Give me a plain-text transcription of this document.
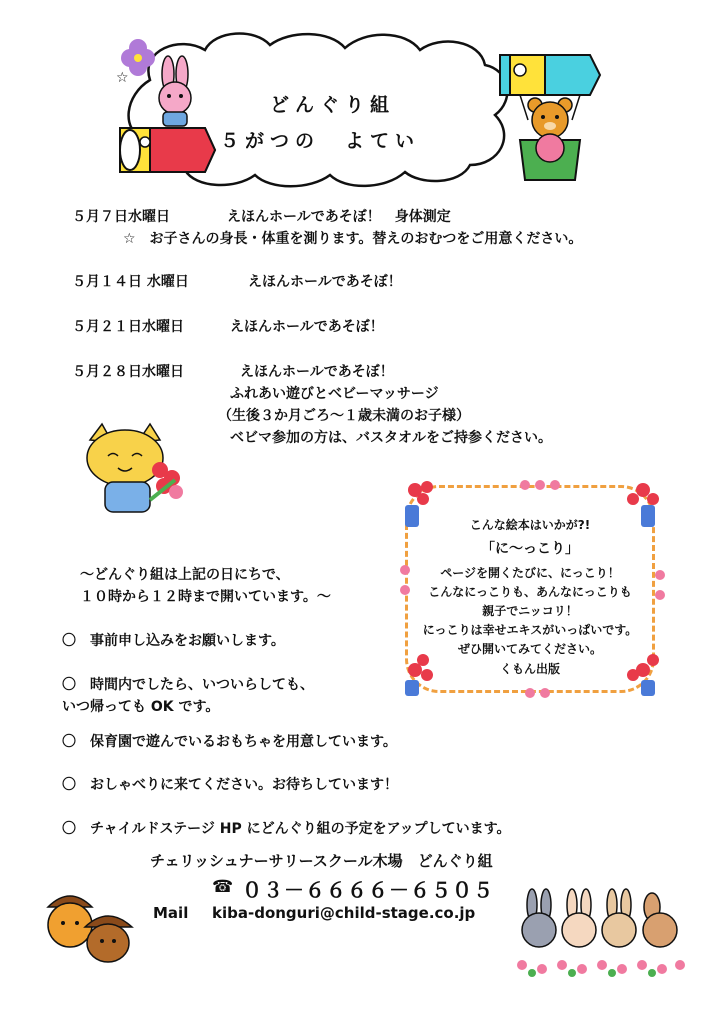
☆
どんぐり組
５がつの　よてい
５月７日水曜日	えほんホールであそぼ！　身体測定
☆　お子さんの身長・体重を測ります。替えのおむつをご用意ください。
５月１４日 水曜日	えほんホールであそぼ！
５月２１日水曜日	えほんホールであそぼ！
５月２８日水曜日	えほんホールであそぼ！
ふれあい遊びとベビーマッサージ
（生後３か月ごろ～１歳未満のお子様）
ベビマ参加の方は、バスタオルをご持参ください。
こんな絵本はいかが?!
「に～っこり」
ページを開くたびに、にっこり！
こんなにっこりも、あんなにっこりも
親子でニッコリ！
にっこりは幸せエキスがいっぱいです。
ぜひ開いてみてください。
くもん出版
～どんぐり組は上記の日にちで、
１０時から１２時まで開いています。～
〇　事前申し込みをお願いします。
〇　時間内でしたら、いついらしても、
いつ帰っても OK です。
〇　保育園で遊んでいるおもちゃを用意しています。
〇　おしゃべりに来てください。お待ちしています！
〇　チャイルドステージ HP にどんぐり組の予定をアップしています。
チェリッシュナーサリースクール木場　どんぐり組
☎ ０３－６６６６－６５０５
Mail kiba-donguri@child-stage.co.jp
